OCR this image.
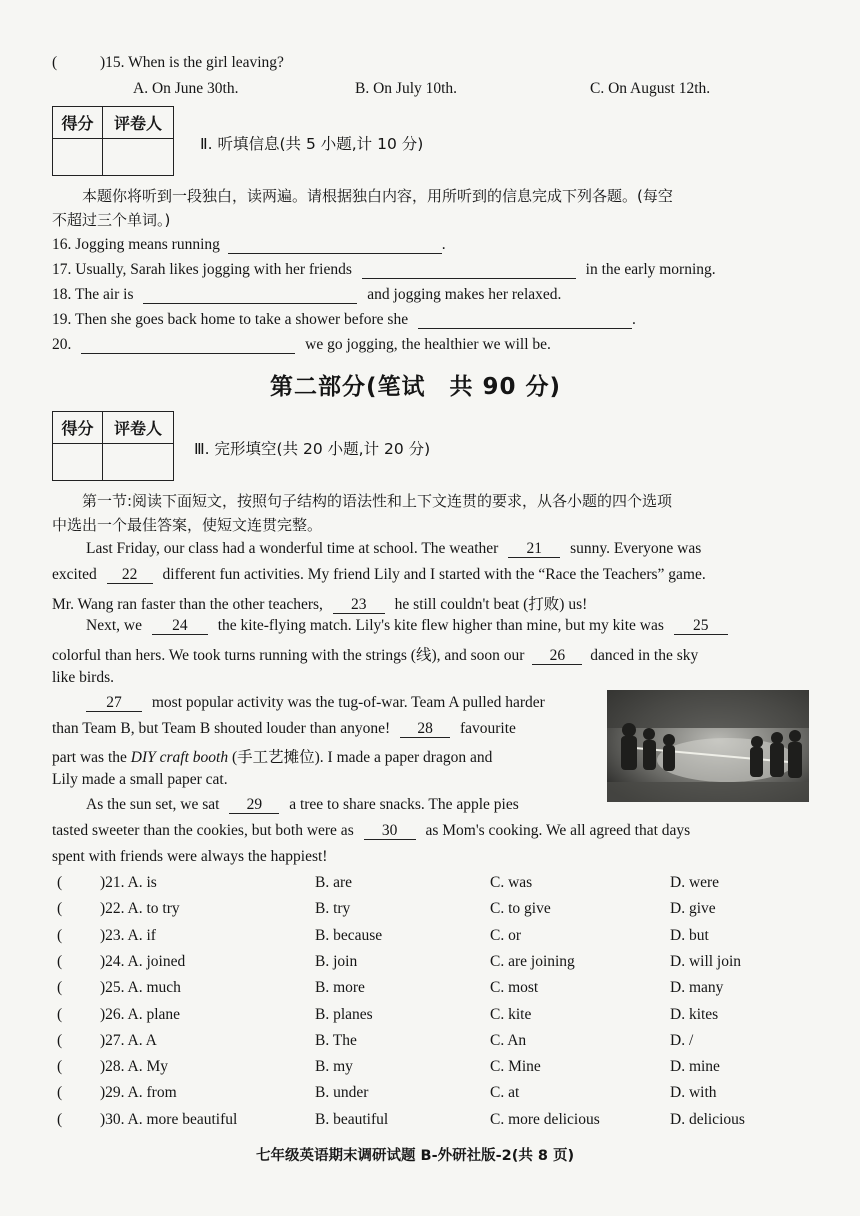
(	)15. When is the girl leaving?
A. On June 30th.	B. On July 10th.	C. On August 12th.
得分	评卷人
Ⅱ. 听填信息(共 5 小题,计 10 分)
本题你将听到一段独白，读两遍。请根据独白内容，用所听到的信息完成下列各题。(每空
不超过三个单词。)
16. Jogging means running	.
17. Usually, Sarah likes jogging with her friends	in the early morning.
18. The air is	and jogging makes her relaxed.
19. Then she goes back home to take a shower before she	.
20.	we go jogging, the healthier we will be.
第二部分(笔试　共 90 分)
得分	评卷人
Ⅲ. 完形填空(共 20 小题,计 20 分)
第一节:阅读下面短文，按照句子结构的语法性和上下文连贯的要求，从各小题的四个选项
中选出一个最佳答案，使短文连贯完整。
Last Friday, our class had a wonderful time at school. The weather 21 sunny. Everyone was
excited 22 different fun activities. My friend Lily and I started with the “Race the Teachers” game.
Mr. Wang ran faster than the other teachers, 23 he still couldn't beat (打败) us!
Next, we 24 the kite-flying match. Lily's kite flew higher than mine, but my kite was 25
colorful than hers. We took turns running with the strings (线), and soon our 26 danced in the sky
like birds.
27 most popular activity was the tug-of-war. Team A pulled harder
than Team B, but Team B shouted louder than anyone! 28 favourite
part was the DIY craft booth (手工艺摊位). I made a paper dragon and
Lily made a small paper cat.
As the sun set, we sat 29 a tree to share snacks. The apple pies
tasted sweeter than the cookies, but both were as 30 as Mom's cooking. We all agreed that days
spent with friends were always the happiest!
( )21. A. is	B. are	C. was	D. were
( )22. A. to try	B. try	C. to give	D. give
( )23. A. if	B. because	C. or	D. but
( )24. A. joined	B. join	C. are joining	D. will join
( )25. A. much	B. more	C. most	D. many
( )26. A. plane	B. planes	C. kite	D. kites
( )27. A. A	B. The	C. An	D. /
( )28. A. My	B. my	C. Mine	D. mine
( )29. A. from	B. under	C. at	D. with
( )30. A. more beautiful	B. beautiful	C. more delicious	D. delicious
七年级英语期末调研试题 B-外研社版-2(共 8 页)
